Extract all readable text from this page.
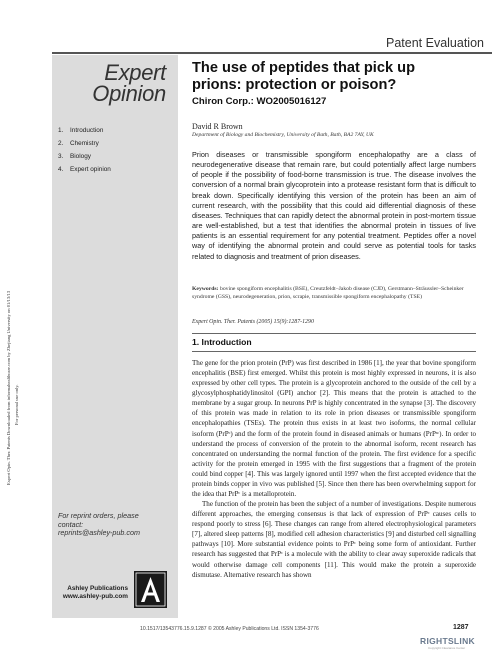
Expert Opin. Ther. Patents Downloaded from informahealthcare.com by Zhejiang University on 01/13/13 For personal use only.
Patent Evaluation
Expert
Opinion
1. Introduction
2. Chemistry
3. Biology
4. Expert opinion
For reprint orders, please
contact:
reprints@ashley-pub.com
Ashley Publications
www.ashley-pub.com
The use of peptides that pick up
prions: protection or poison?
Chiron Corp.: WO2005016127
David R Brown
Department of Biology and Biochemistry, University of Bath, Bath, BA2 7AY, UK
Prion diseases or transmissible spongiform encephalopathy are a class of neurodegenerative disease that remain rare, but could potentially affect large numbers of people if the possibility of food-borne transmission is true. The disease involves the conversion of a normal brain glycoprotein into a protease resistant form that is difficult to break down. Specifically identifying this version of the protein has been an aim of current research, with the possibility that this could aid differential diagnosis of these diseases. Techniques that can rapidly detect the abnormal protein in post-mortem tissue are well-established, but a test that identifies the abnormal protein in tissues of live patients is an essential requirement for any potential treatment. Peptides offer a novel way of identifying the abnormal protein and could serve as potential tools for tasks related to diagnosis and treatment of prion diseases.
Keywords: bovine spongiform encephalitis (BSE), Creutzfeldt–Jakob disease (CJD), Gerstmann–Sträussler–Scheinker syndrome (GSS), neurodegeneration, prion, scrapie, transmissible spongiform encephalopathy (TSE)
Expert Opin. Ther. Patents (2005) 15(9):1287-1290
1. Introduction

The gene for the prion protein (PrP) was first described in 1986 [1], the year that bovine spongiform encephalitis (BSE) first emerged. Whilst this protein is most highly expressed in neurons, it is also expressed by other cell types. The protein is a glycoprotein anchored to the outside of the cell by a glycosylphosphatidylinositol (GPI) anchor [2]. This means that the protein is attached to the membrane by a sugar group. In neurons PrP is highly concentrated in the synapse [3]. The discovery of this protein was made in relation to its role in prion diseases or transmissible spongiform encephalopathies (TSEs). The protein thus exists in at least two isoforms, the normal cellular isoform (PrPᶜ) and the form of the protein found in diseased animals or humans (PrPˢᶜ). In order to understand the process of conversion of the protein to the abnormal isoform, recent research has concentrated on understanding the normal function of the protein. The first evidence for a specific activity for the protein emerged in 1995 with the first suggestions that a fragment of the protein could bind copper [4]. This was largely ignored until 1997 when the first accepted evidence that the protein binds copper in vivo was published [5]. Since then there has been overwhelming support for the idea that PrPᶜ is a metalloprotein.

The function of the protein has been the subject of a number of investigations. Despite numerous different approaches, the emerging consensus is that lack of expression of PrPᶜ causes cells to respond poorly to stress [6]. These changes can range from altered electrophysiological parameters [7], altered sleep patterns [8], modified cell adhesion characteristics [9] and disturbed cell signalling pathways [10]. More substantial evidence points to PrPᶜ being some form of antioxidant. Further research has suggested that PrPᶜ is a molecule with the ability to clear away superoxide radicals that would otherwise damage cell components [11]. This would make the protein a superoxide dismutase. Alternative research has shown

10.1517/13543776.15.9.1287 © 2005 Ashley Publications Ltd. ISSN 1354-3776	1287
RIGHTSLINK
Copyright Clearance Center
